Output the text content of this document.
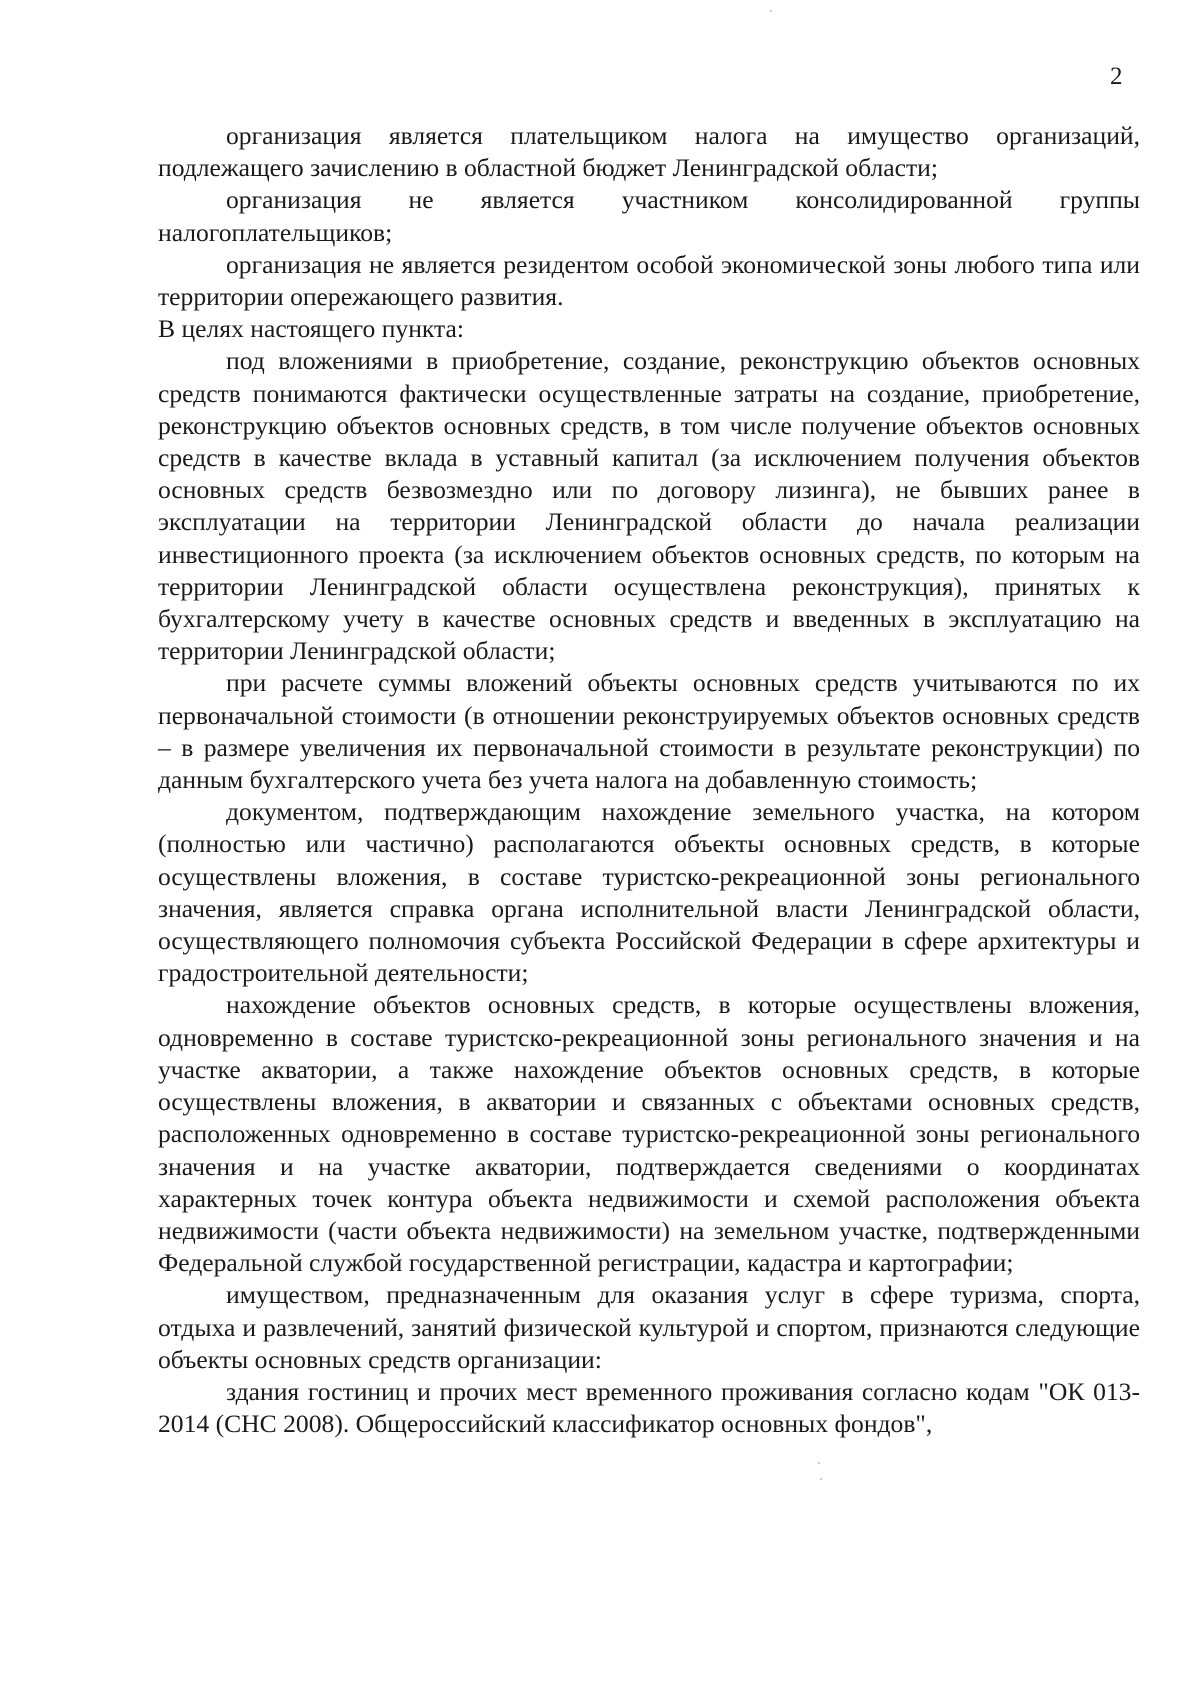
2

организация является плательщиком налога на имущество организаций, подлежащего зачислению в областной бюджет Ленинградской области;

организация не является участником консолидированной группы налогоплательщиков;

организация не является резидентом особой экономической зоны любого типа или территории опережающего развития.

В целях настоящего пункта:

под вложениями в приобретение, создание, реконструкцию объектов основных средств понимаются фактически осуществленные затраты на создание, приобретение, реконструкцию объектов основных средств, в том числе получение объектов основных средств в качестве вклада в уставный капитал (за исключением получения объектов основных средств безвозмездно или по договору лизинга), не бывших ранее в эксплуатации на территории Ленинградской области до начала реализации инвестиционного проекта (за исключением объектов основных средств, по которым на территории Ленинградской области осуществлена реконструкция), принятых к бухгалтерскому учету в качестве основных средств и введенных в эксплуатацию на территории Ленинградской области;

при расчете суммы вложений объекты основных средств учитываются по их первоначальной стоимости (в отношении реконструируемых объектов основных средств – в размере увеличения их первоначальной стоимости в результате реконструкции) по данным бухгалтерского учета без учета налога на добавленную стоимость;

документом, подтверждающим нахождение земельного участка, на котором (полностью или частично) располагаются объекты основных средств, в которые осуществлены вложения, в составе туристско-рекреационной зоны регионального значения, является справка органа исполнительной власти Ленинградской области, осуществляющего полномочия субъекта Российской Федерации в сфере архитектуры и градостроительной деятельности;

нахождение объектов основных средств, в которые осуществлены вложения, одновременно в составе туристско-рекреационной зоны регионального значения и на участке акватории, а также нахождение объектов основных средств, в которые осуществлены вложения, в акватории и связанных с объектами основных средств, расположенных одновременно в составе туристско-рекреационной зоны регионального значения и на участке акватории, подтверждается сведениями о координатах характерных точек контура объекта недвижимости и схемой расположения объекта недвижимости (части объекта недвижимости) на земельном участке, подтвержденными Федеральной службой государственной регистрации, кадастра и картографии;

имуществом, предназначенным для оказания услуг в сфере туризма, спорта, отдыха и развлечений, занятий физической культурой и спортом, признаются следующие объекты основных средств организации:

здания гостиниц и прочих мест временного проживания согласно кодам "ОК 013-2014 (СНС 2008). Общероссийский классификатор основных фондов",
